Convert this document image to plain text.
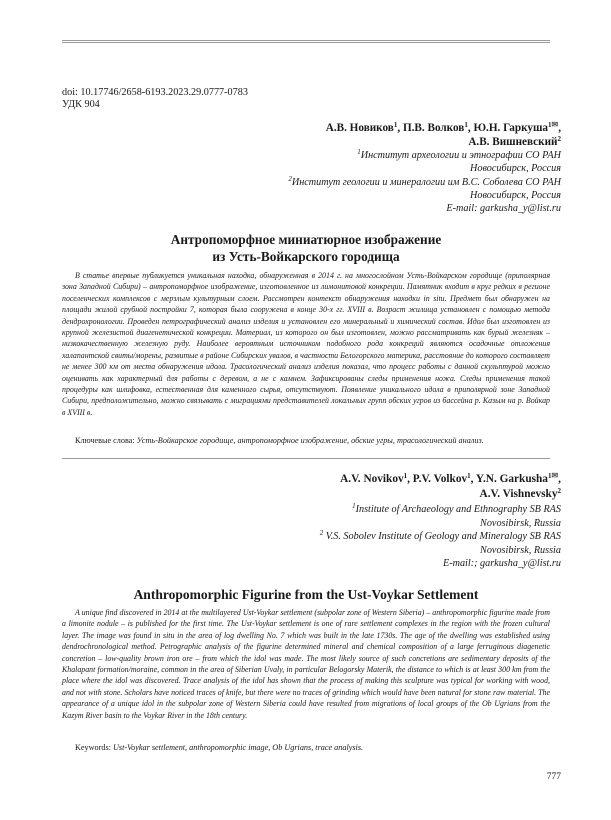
doi: 10.17746/2658-6193.2023.29.0777-0783
УДК 904
А.В. Новиков$^1$, П.В. Волков$^1$, Ю.Н. Гаркуша$^{1✉}$,
А.В. Вишневский$^2$
$^1$Институт археологии и этнографии СО РАН
Новосибирск, Россия
$^2$Институт геологии и минералогии им В.С. Соболева СО РАН
Новосибирск, Россия
E-mail: garkusha_y@list.ru
Антропоморфное миниатюрное изображение
из Усть-Войкарского городища
В статье впервые публикуется уникальная находка, обнаруженная в 2014 г. на многослойном Усть-Войкарском городище (приполярная зона Западной Сибири) – антропоморфное изображение, изготовленное из лимонитовой конкреции. Памятник входит в круг редких в регионе поселенческих комплексов с мерзлым культурным слоем. Рассмотрен контекст обнаружения находки in situ. Предмет был обнаружен на площади жилой срубной постройки 7, которая была сооружена в конце 30-х гг. XVIII в. Возраст жилища установлен с помощью метода дендрохронологии. Проведен петрографический анализ изделия и установлен его минеральный и химический состав. Идол был изготовлен из крупной железистой диагенетической конкреции. Материал, из которого он был изготовлен, можно рассматривать как бурый железняк – низкокачественную железную руду. Наиболее вероятным источником подобного рода конкреций являются осадочные отложения халапантской свиты/морены, развитые в районе Сибирских увалов, в частности Белогорского материка, расстояние до которого составляет не менее 300 км от места обнаружения идола. Трасологический анализ изделия показал, что процесс работы с данной скульптурой можно оценивать как характерный для работы с деревом, а не с камнем. Зафиксированы следы применения ножа. Следы применения такой процедуры как шлифовка, естественная для каменного сырья, отсутствуют. Появление уникального идола в приполярной зоне Западной Сибири, предположительно, можно связывать с миграциями представителей локальных групп обских угров из бассейна р. Казым на р. Войкар в XVIII в.
Ключевые слова: Усть-Войкарское городище, антропоморфное изображение, обские угры, трасологический анализ.
A.V. Novikov$^1$, P.V. Volkov$^1$, Y.N. Garkusha$^{1✉}$,
A.V. Vishnevsky$^2$
$^1$Institute of Archaeology and Ethnography SB RAS
Novosibirsk, Russia
$^2$ V.S. Sobolev Institute of Geology and Mineralogy SB RAS
Novosibirsk, Russia
E-mail:; garkusha_y@list.ru
Anthropomorphic Figurine from the Ust-Voykar Settlement
A unique find discovered in 2014 at the multilayered Ust-Voykar settlement (subpolar zone of Western Siberia) – anthropomorphic figurine made from a limonite nodule – is published for the first time. The Ust-Voykar settlement is one of rare settlement complexes in the region with the frozen cultural layer. The image was found in situ in the area of log dwelling No. 7 which was built in the late 1730s. The age of the dwelling was established using dendrochronological method. Petrographic analysis of the figurine determined mineral and chemical composition of a large ferruginous diagenetic concretion – low-quality brown iron ore – from which the idol was made. The most likely source of such concretions are sedimentary deposits of the Khalapant formation/moraine, common in the area of Siberian Uvaly, in particular Belogorsky Materik, the distance to which is at least 300 km from the place where the idol was discovered. Trace analysis of the idol has shown that the process of making this sculpture was typical for working with wood, and not with stone. Scholars have noticed traces of knife, but there were no traces of grinding which would have been natural for stone raw material. The appearance of a unique idol in the subpolar zone of Western Siberia could have resulted from migrations of local groups of the Ob Ugrians from the Kazym River basin to the Voykar River in the 18th century.
Keywords: Ust-Voykar settlement, anthropomorphic image, Ob Ugrians, trace analysis.
777
